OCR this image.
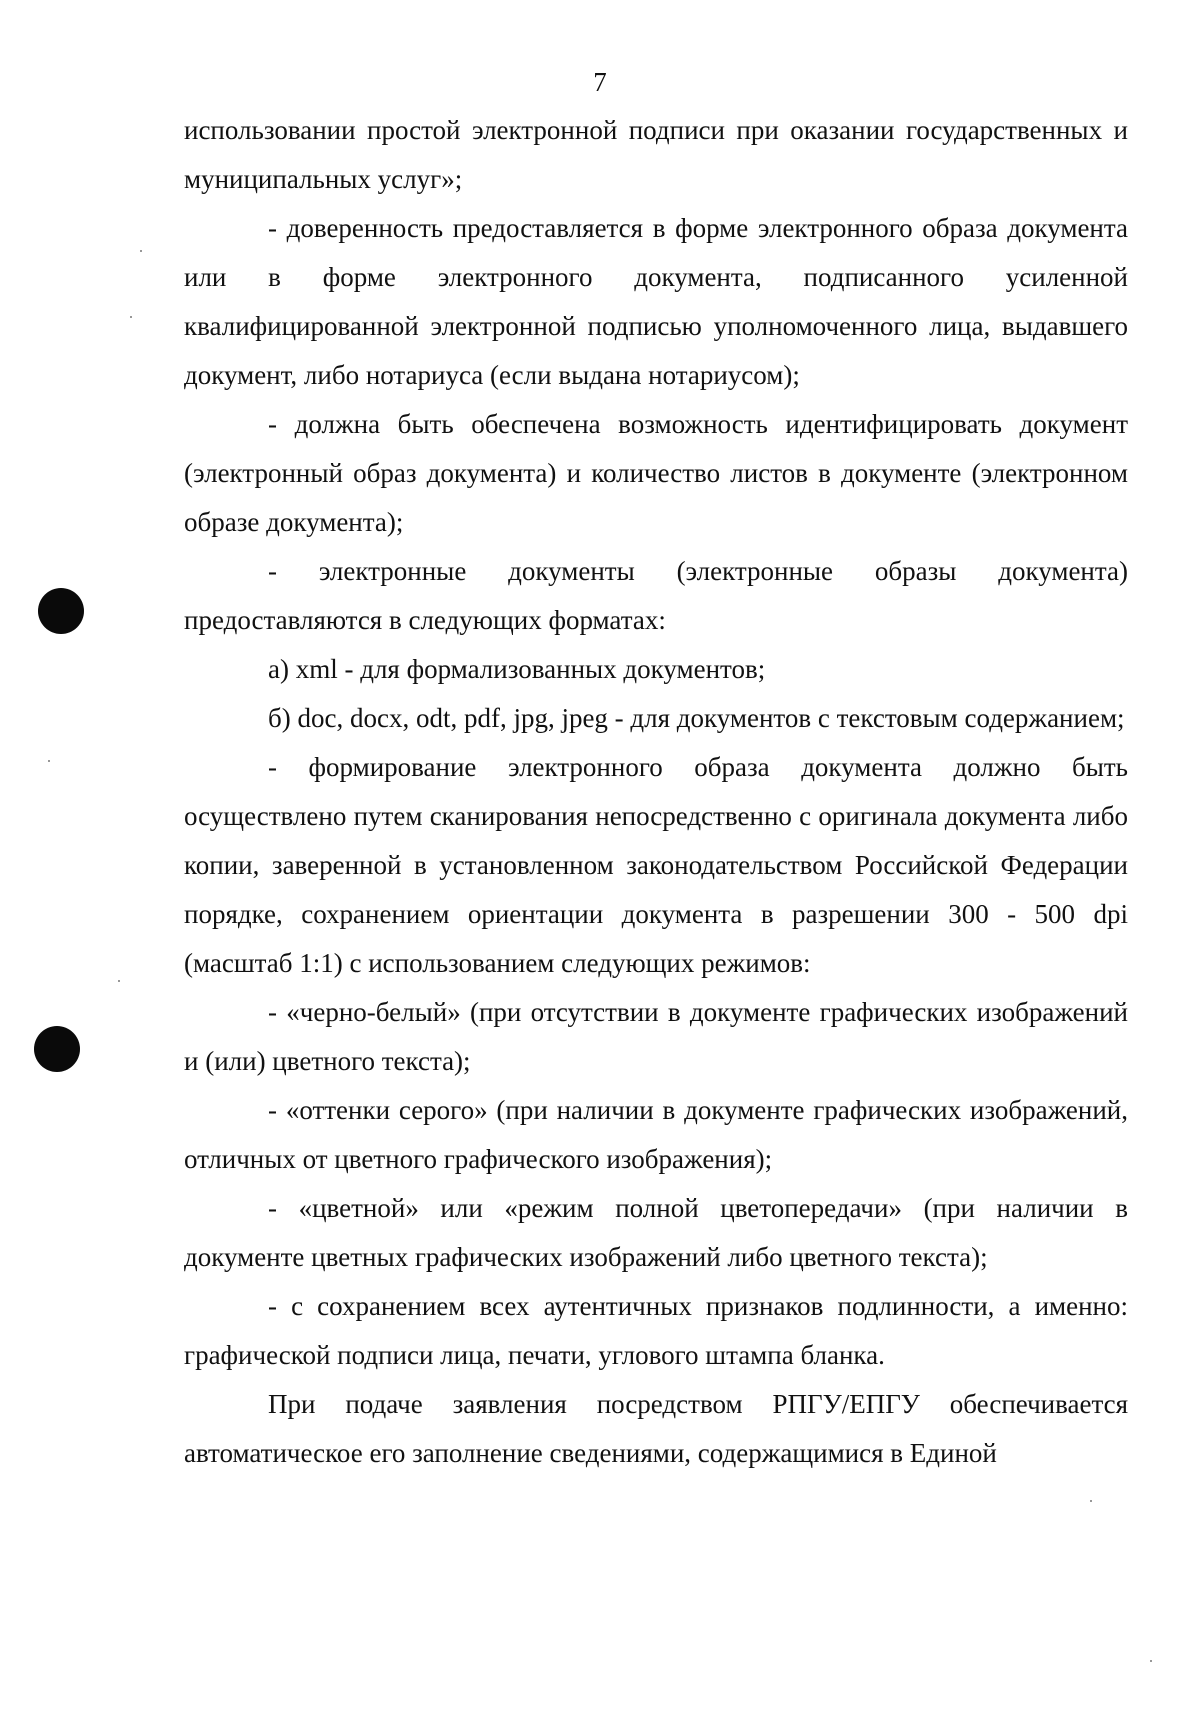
7

использовании простой электронной подписи при оказании государственных и муниципальных услуг»;

- доверенность предоставляется в форме электронного образа документа или в форме электронного документа, подписанного усиленной квалифицированной электронной подписью уполномоченного лица, выдавшего документ, либо нотариуса (если выдана нотариусом);

- должна быть обеспечена возможность идентифицировать документ (электронный образ документа) и количество листов в документе (электронном образе документа);

- электронные документы (электронные образы документа) предоставляются в следующих форматах:

а) xml - для формализованных документов;

б) doc, docx, odt, pdf, jpg, jpeg - для документов с текстовым содержанием;

- формирование электронного образа документа должно быть осуществлено путем сканирования непосредственно с оригинала документа либо копии, заверенной в установленном законодательством Российской Федерации порядке, сохранением ориентации документа в разрешении 300 - 500 dpi (масштаб 1:1) с использованием следующих режимов:

- «черно-белый» (при отсутствии в документе графических изображений и (или) цветного текста);

- «оттенки серого» (при наличии в документе графических изображений, отличных от цветного графического изображения);

- «цветной» или «режим полной цветопередачи» (при наличии в документе цветных графических изображений либо цветного текста);

- с сохранением всех аутентичных признаков подлинности, а именно: графической подписи лица, печати, углового штампа бланка.

При подаче заявления посредством РПГУ/ЕПГУ обеспечивается автоматическое его заполнение сведениями, содержащимися в Единой
